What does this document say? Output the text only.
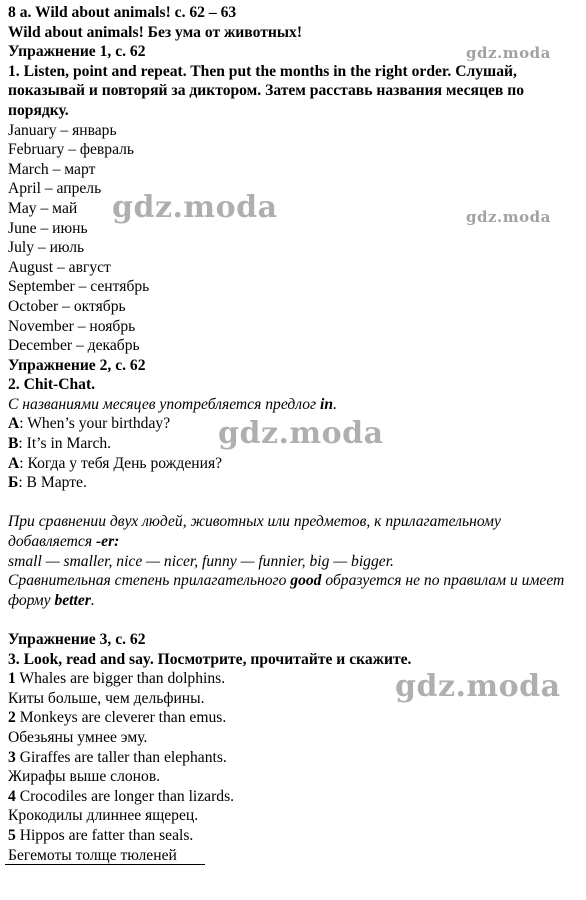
8 a. Wild about animals! с. 62 – 63
Wild about animals! Без ума от животных!
Упражнение 1, с. 62
1. Listen, point and repeat. Then put the months in the right order. Слушай, показывай и повторяй за диктором. Затем расставь названия месяцев по порядку.
January – январь
February – февраль
March – март
April – апрель
May – май
June – июнь
July – июль
August – август
September – сентябрь
October – октябрь
November – ноябрь
December – декабрь
Упражнение 2, с. 62
2. Chit-Chat.
С названиями месяцев употребляется предлог in.
A: When’s your birthday?
B: It’s in March.
А: Когда у тебя День рождения?
Б: В Марте.
При сравнении двух людей, животных или предметов, к прилагательному добавляется -er:
small — smaller, nice — nicer, funny — funnier, big — bigger.
Сравнительная степень прилагательного good образуется не по правилам и имеет форму better.
Упражнение 3, с. 62
3. Look, read and say. Посмотрите, прочитайте и скажите.
1 Whales are bigger than dolphins.
Киты больше, чем дельфины.
2 Monkeys are cleverer than emus.
Обезьяны умнее эму.
3 Giraffes are taller than elephants.
Жирафы выше слонов.
4 Crocodiles are longer than lizards.
Крокодилы длиннее ящерец.
5 Hippos are fatter than seals.
Бегемоты толще тюленей
gdz.moda
gdz.moda	gdz.moda
gdz.moda
gdz.moda
